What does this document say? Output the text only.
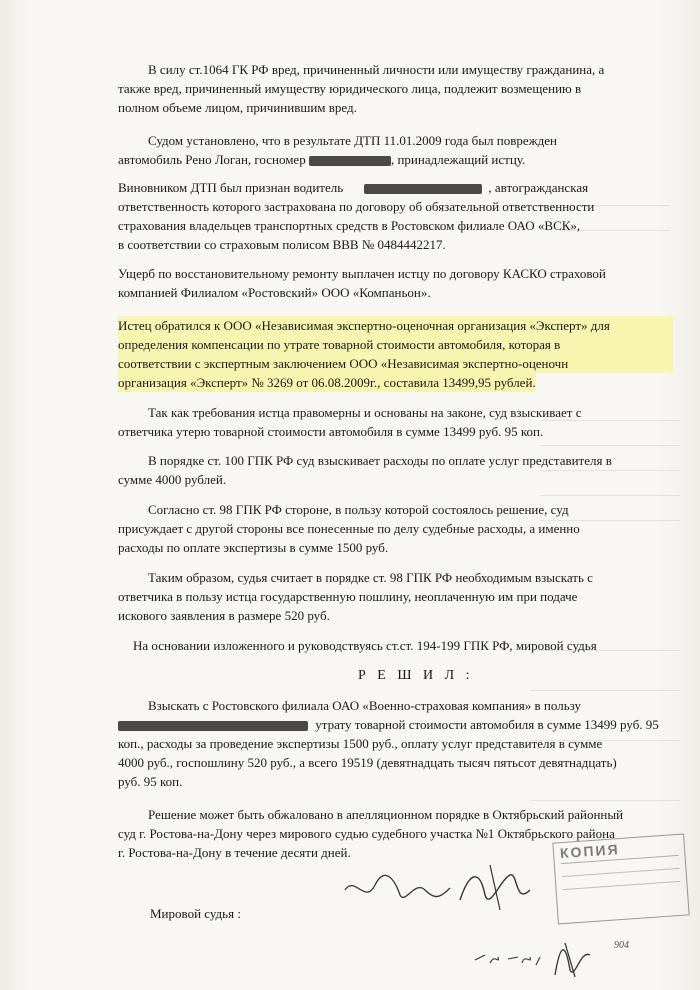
В силу ст.1064 ГК РФ вред, причиненный личности или имуществу гражданина, а
также вред, причиненный имуществу юридического лица, подлежит возмещению в
полном объеме лицом, причинившим вред.
Судом установлено, что в результате ДТП 11.01.2009 года был поврежден
автомобиль Рено Логан, госномер	, принадлежащий истцу.
Виновником ДТП был признан водитель	, автогражданская
ответственность которого застрахована по договору об обязательной ответственности
страхования владельцев транспортных средств в Ростовском филиале ОАО «ВСК»,
в соответствии со страховым полисом ВВВ № 0484442217.
Ущерб по восстановительному ремонту выплачен истцу по договору КАСКО страховой
компанией Филиалом «Ростовский» ООО «Компаньон».
Истец обратился к ООО «Независимая экспертно-оценочная организация «Эксперт» для
определения компенсации по утрате товарной стоимости автомобиля, которая в
соответствии с экспертным заключением ООО «Независимая экспертно-оценочн
организация «Эксперт» № 3269 от 06.08.2009г., составила 13499,95 рублей.
Так как требования истца правомерны и основаны на законе, суд взыскивает с
ответчика утерю товарной стоимости автомобиля в сумме 13499 руб. 95 коп.
В порядке ст. 100 ГПК РФ суд взыскивает расходы по оплате услуг представителя в
сумме 4000 рублей.
Согласно ст. 98 ГПК РФ стороне, в пользу которой состоялось решение, суд
присуждает с другой стороны все понесенные по делу судебные расходы, а именно
расходы по оплате экспертизы в сумме 1500 руб.
Таким образом, судья считает в порядке ст. 98 ГПК РФ необходимым взыскать с
ответчика в пользу истца государственную пошлину, неоплаченную им при подаче
искового заявления в размере 520 руб.
На основании изложенного и руководствуясь ст.ст. 194-199 ГПК РФ, мировой судья
Р Е Ш И Л :
Взыскать с Ростовского филиала ОАО «Военно-страховая компания» в пользу
утрату товарной стоимости автомобиля в сумме 13499 руб. 95
коп., расходы за проведение экспертизы 1500 руб., оплату услуг представителя в сумме
4000 руб., госпошлину 520 руб., а всего 19519 (девятнадцать тысяч пятьсот девятнадцать)
руб. 95 коп.
Решение может быть обжаловано в апелляционном порядке в Октябрьский районный
суд г. Ростова-на-Дону через мирового судью судебного участка №1 Октябрьского района
г. Ростова-на-Дону в течение десяти дней.	КОПИЯ
Мировой судья :
904
